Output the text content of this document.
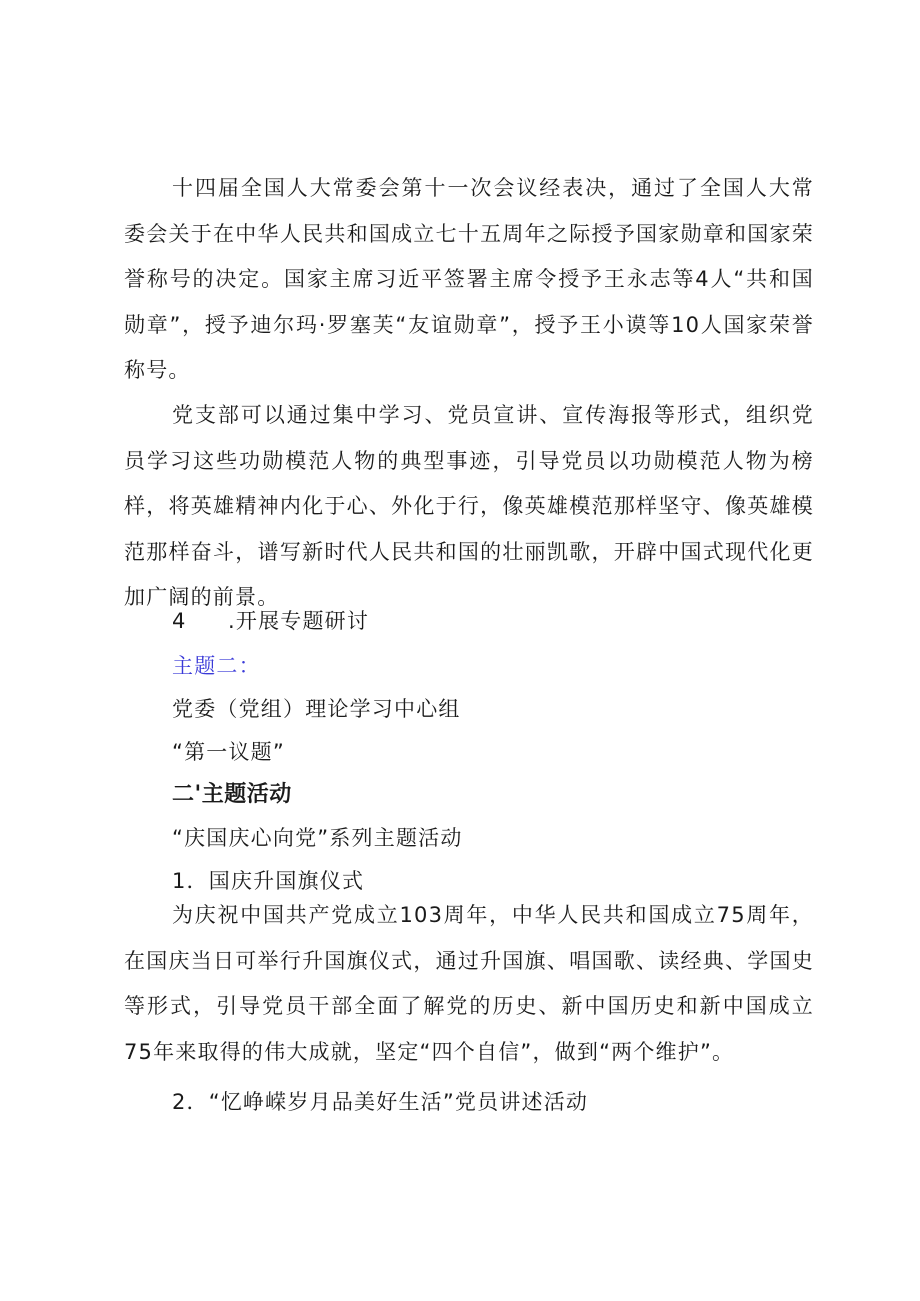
十四届全国人大常委会第十一次会议经表决，通过了全国人大常委会关于在中华人民共和国成立七十五周年之际授予国家勋章和国家荣誉称号的决定。国家主席习近平签署主席令授予王永志等4人“共和国勋章”，授予迪尔玛·罗塞芙“友谊勋章”，授予王小谟等10人国家荣誉称号。

党支部可以通过集中学习、党员宣讲、宣传海报等形式，组织党员学习这些功勋模范人物的典型事迹，引导党员以功勋模范人物为榜样，将英雄精神内化于心、外化于行，像英雄模范那样坚守、像英雄模范那样奋斗，谱写新时代人民共和国的壮丽凯歌，开辟中国式现代化更加广阔的前景。

4 .开展专题研讨
主题二：
党委（党组）理论学习中心组
“第一议题”
二'主题活动
“庆国庆心向党”系列主题活动
1．国庆升国旗仪式

为庆祝中国共产党成立103周年，中华人民共和国成立75周年，在国庆当日可举行升国旗仪式，通过升国旗、唱国歌、读经典、学国史等形式，引导党员干部全面了解党的历史、新中国历史和新中国成立75年来取得的伟大成就，坚定“四个自信”，做到“两个维护”。

2．“忆峥嵘岁月品美好生活”党员讲述活动
